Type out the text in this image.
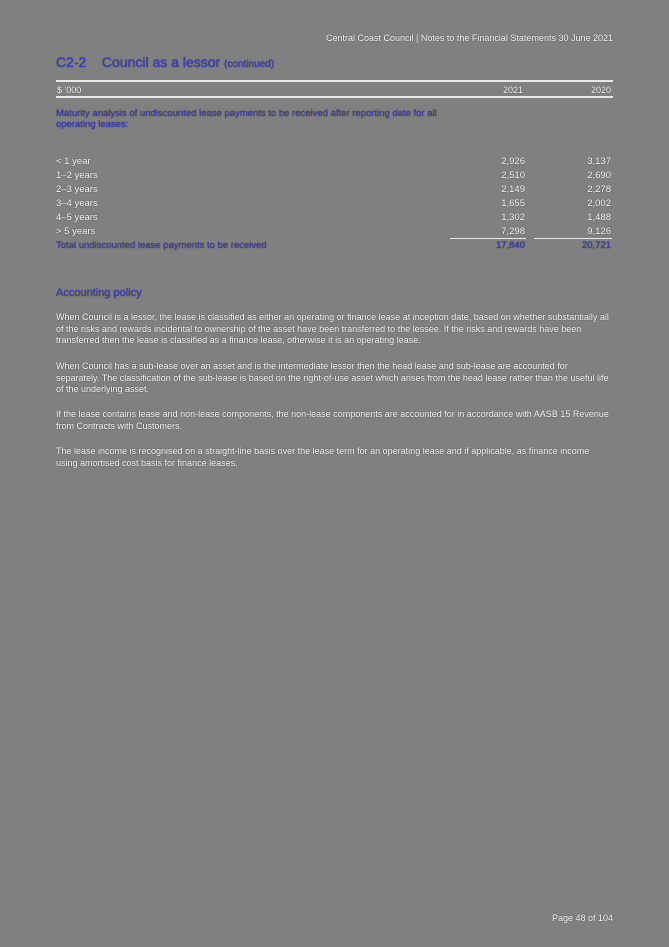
Central Coast Council | Notes to the Financial Statements 30 June 2021
C2-2 Council as a lessor (continued)
$ '000	2021	2020
Maturity analysis of undiscounted lease payments to be received after reporting date for all operating leases:
< 1 year	2,926	3,137
1–2 years	2,510	2,690
2–3 years	2,149	2,278
3–4 years	1,655	2,002
4–5 years	1,302	1,488
> 5 years	7,298	9,126
Total undiscounted lease payments to be received	17,840	20,721
Accounting policy
When Council is a lessor, the lease is classified as either an operating or finance lease at inception date, based on whether substantially all of the risks and rewards incidental to ownership of the asset have been transferred to the lessee. If the risks and rewards have been transferred then the lease is classified as a finance lease, otherwise it is an operating lease.
When Council has a sub-lease over an asset and is the intermediate lessor then the head lease and sub-lease are accounted for separately. The classification of the sub-lease is based on the right-of-use asset which arises from the head lease rather than the useful life of the underlying asset.
If the lease contains lease and non-lease components, the non-lease components are accounted for in accordance with AASB 15 Revenue from Contracts with Customers.
The lease income is recognised on a straight-line basis over the lease term for an operating lease and if applicable, as finance income using amortised cost basis for finance leases.
Page 48 of 104
